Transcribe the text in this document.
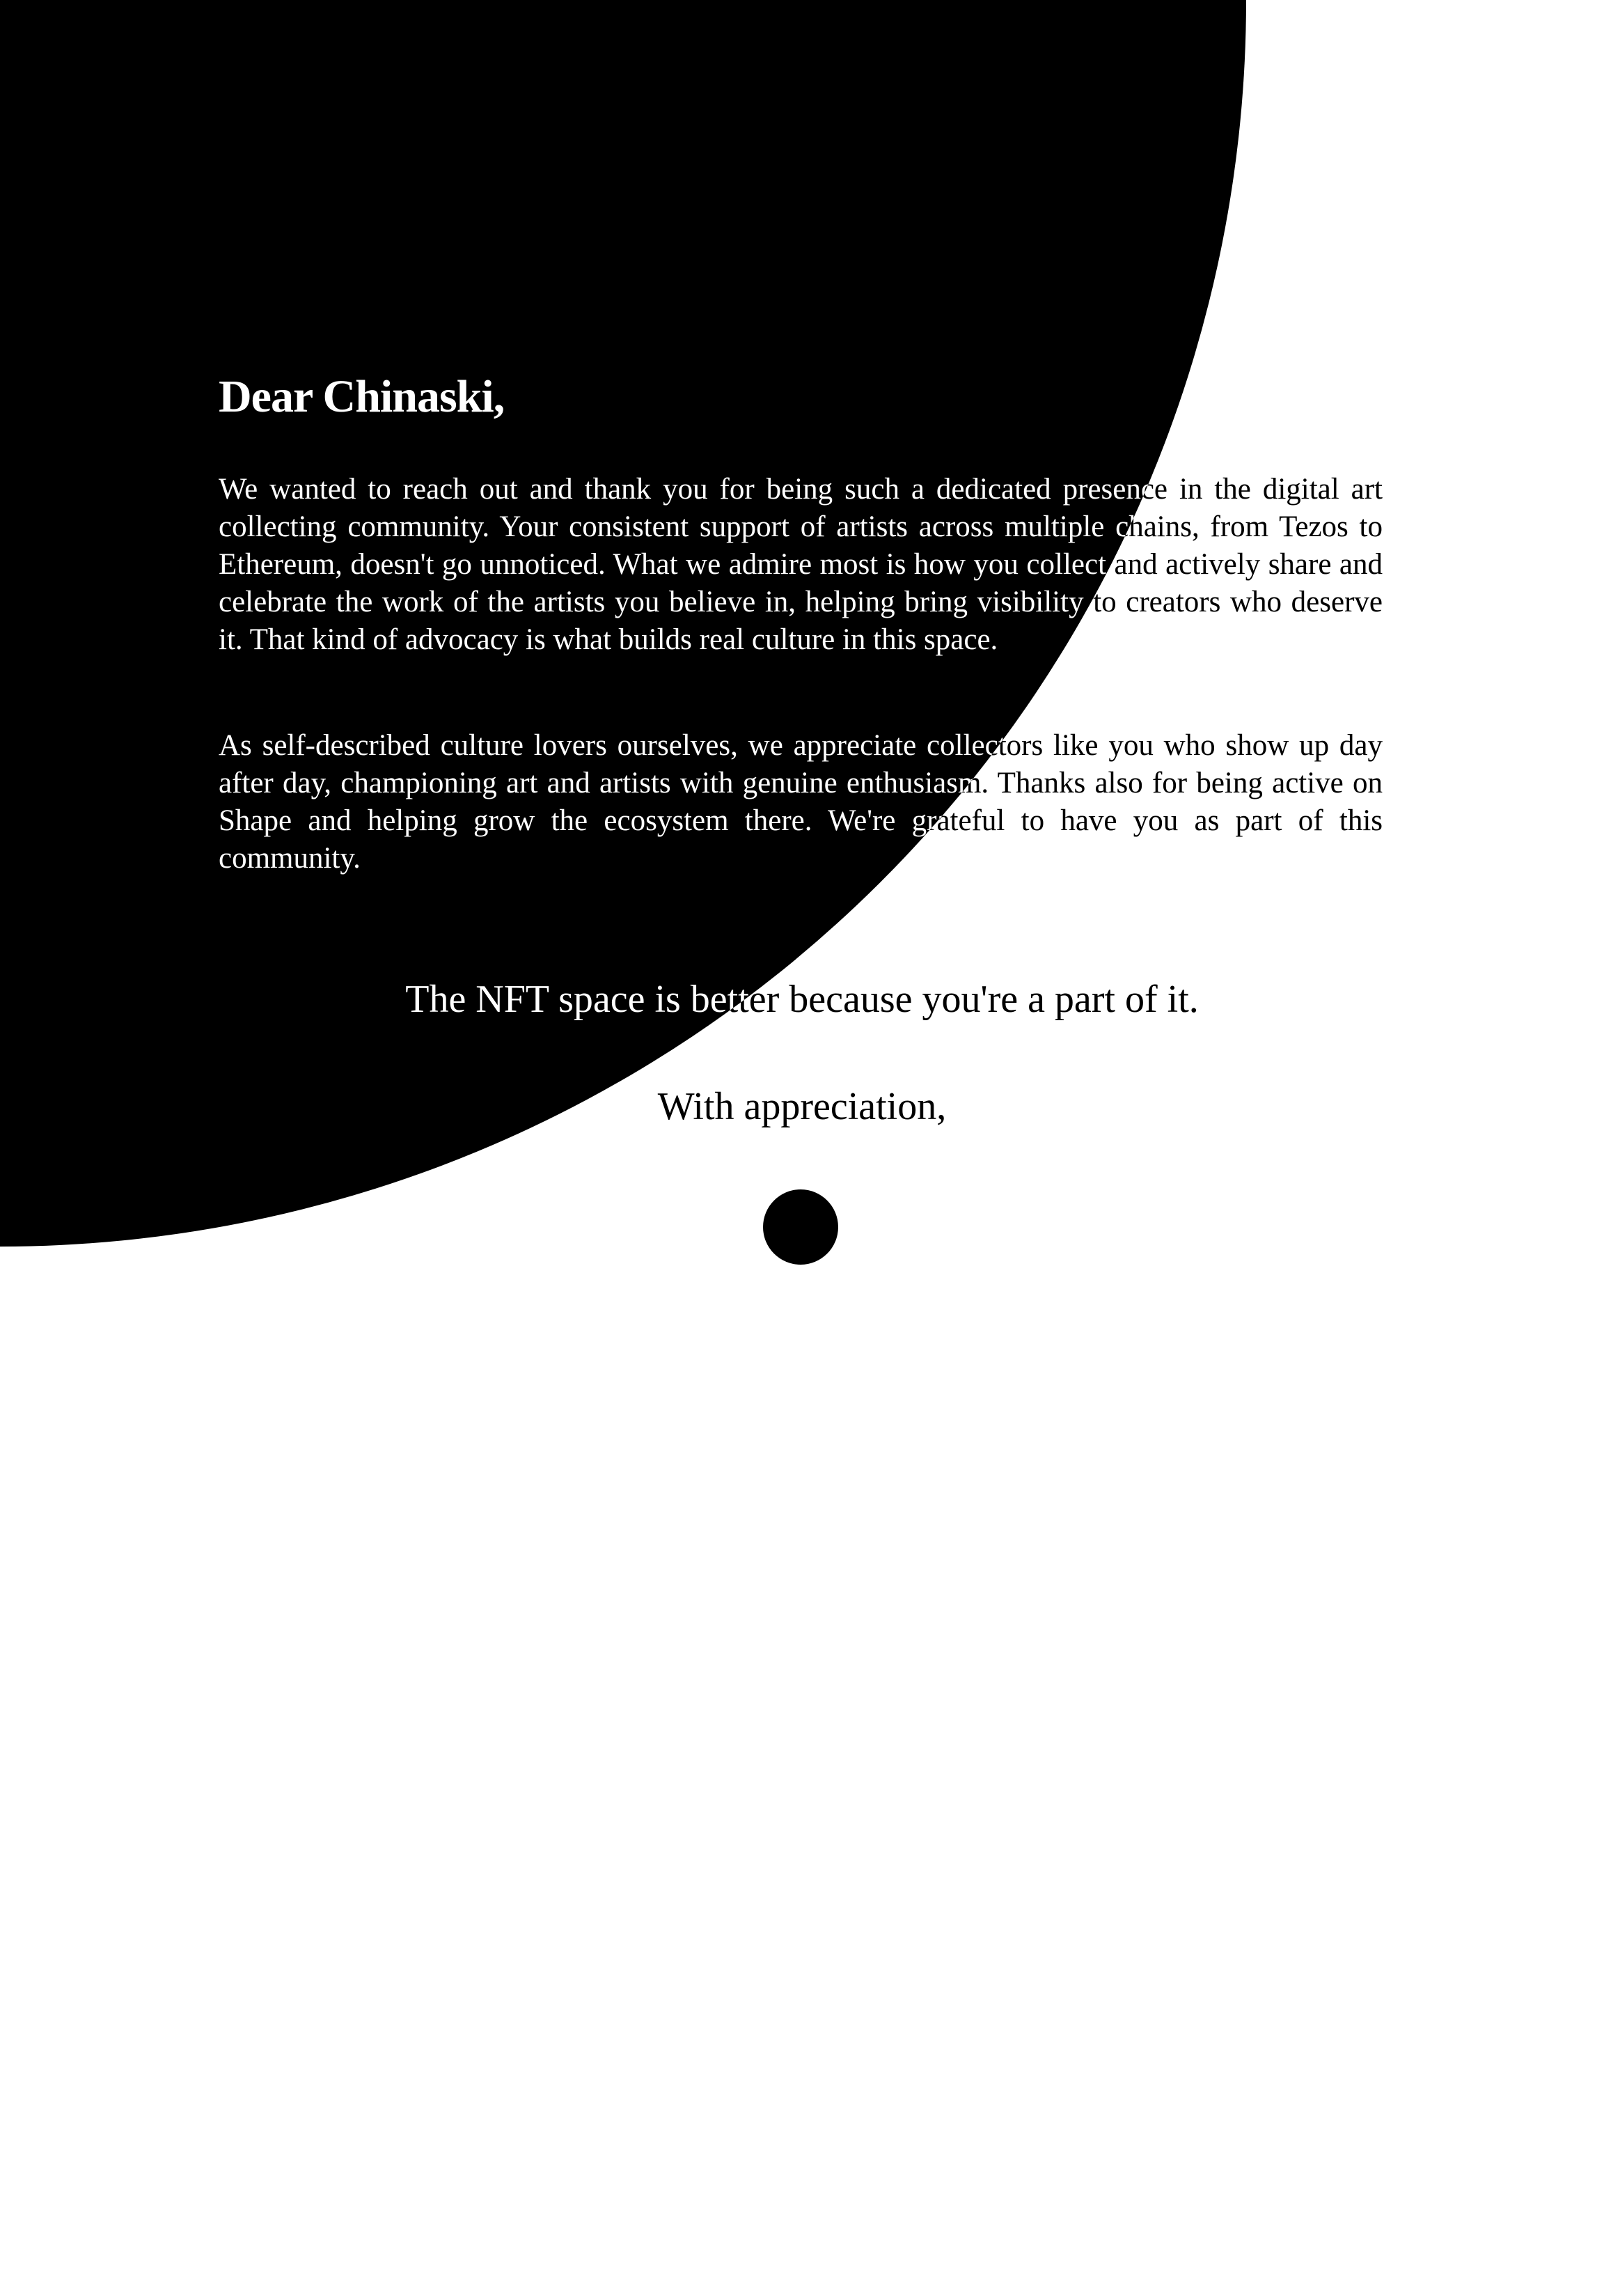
Dear Chinaski,

We wanted to reach out and thank you for being such a dedicated presence in the digital art collecting community. Your consistent support of artists across multiple chains, from Tezos to Ethereum, doesn't go unnoticed. What we admire most is how you collect and actively share and celebrate the work of the artists you believe in, helping bring visibility to creators who deserve it. That kind of advocacy is what builds real culture in this space.

As self-described culture lovers ourselves, we appreciate collectors like you who show up day after day, championing art and artists with genuine enthusiasm. Thanks also for being active on Shape and helping grow the ecosystem there. We're grateful to have you as part of this community.

The NFT space is better because you're a part of it.

With appreciation,
